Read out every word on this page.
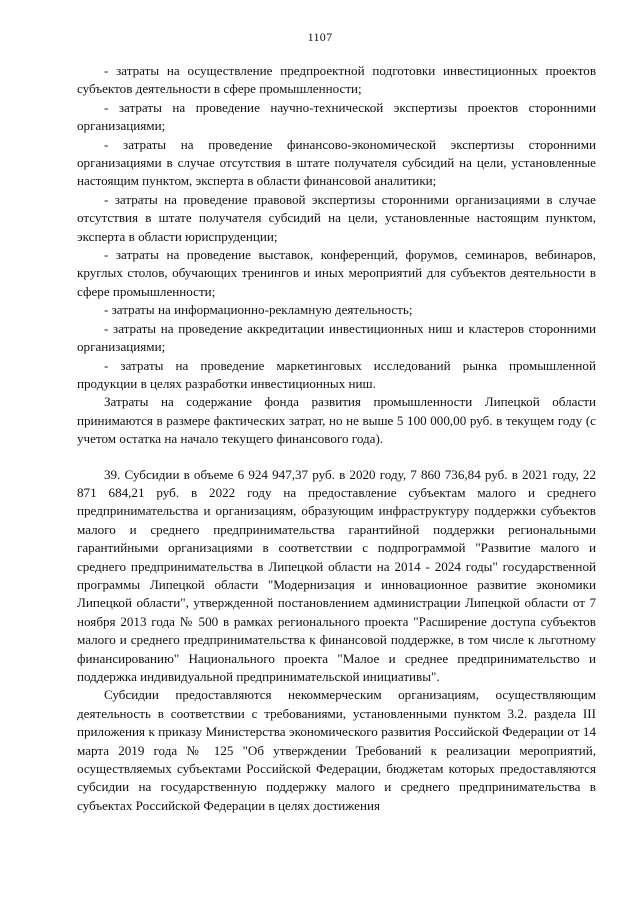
1107

- затраты на осуществление предпроектной подготовки инвестиционных проектов субъектов деятельности в сфере промышленности;

- затраты на проведение научно-технической экспертизы проектов сторонними организациями;

- затраты на проведение финансово-экономической экспертизы сторонними организациями в случае отсутствия в штате получателя субсидий на цели, установленные настоящим пунктом, эксперта в области финансовой аналитики;

- затраты на проведение правовой экспертизы сторонними организациями в случае отсутствия в штате получателя субсидий на цели, установленные настоящим пунктом, эксперта в области юриспруденции;

- затраты на проведение выставок, конференций, форумов, семинаров, вебинаров, круглых столов, обучающих тренингов и иных мероприятий для субъектов деятельности в сфере промышленности;

- затраты на информационно-рекламную деятельность;

- затраты на проведение аккредитации инвестиционных ниш и кластеров сторонними организациями;

- затраты на проведение маркетинговых исследований рынка промышленной продукции в целях разработки инвестиционных ниш.

Затраты на содержание фонда развития промышленности Липецкой области принимаются в размере фактических затрат, но не выше 5 100 000,00 руб. в текущем году (с учетом остатка на начало текущего финансового года).

39. Субсидии в объеме 6 924 947,37 руб. в 2020 году, 7 860 736,84 руб. в 2021 году, 22 871 684,21 руб. в 2022 году на предоставление субъектам малого и среднего предпринимательства и организациям, образующим инфраструктуру поддержки субъектов малого и среднего предпринимательства гарантийной поддержки региональными гарантийными организациями в соответствии с подпрограммой "Развитие малого и среднего предпринимательства в Липецкой области на 2014 - 2024 годы" государственной программы Липецкой области "Модернизация и инновационное развитие экономики Липецкой области", утвержденной постановлением администрации Липецкой области от 7 ноября 2013 года № 500 в рамках регионального проекта "Расширение доступа субъектов малого и среднего предпринимательства к финансовой поддержке, в том числе к льготному финансированию" Национального проекта "Малое и среднее предпринимательство и поддержка индивидуальной предпринимательской инициативы".

Субсидии предоставляются некоммерческим организациям, осуществляющим деятельность в соответствии с требованиями, установленными пунктом 3.2. раздела III приложения к приказу Министерства экономического развития Российской Федерации от 14 марта 2019 года № 125 "Об утверждении Требований к реализации мероприятий, осуществляемых субъектами Российской Федерации, бюджетам которых предоставляются субсидии на государственную поддержку малого и среднего предпринимательства в субъектах Российской Федерации в целях достижения
